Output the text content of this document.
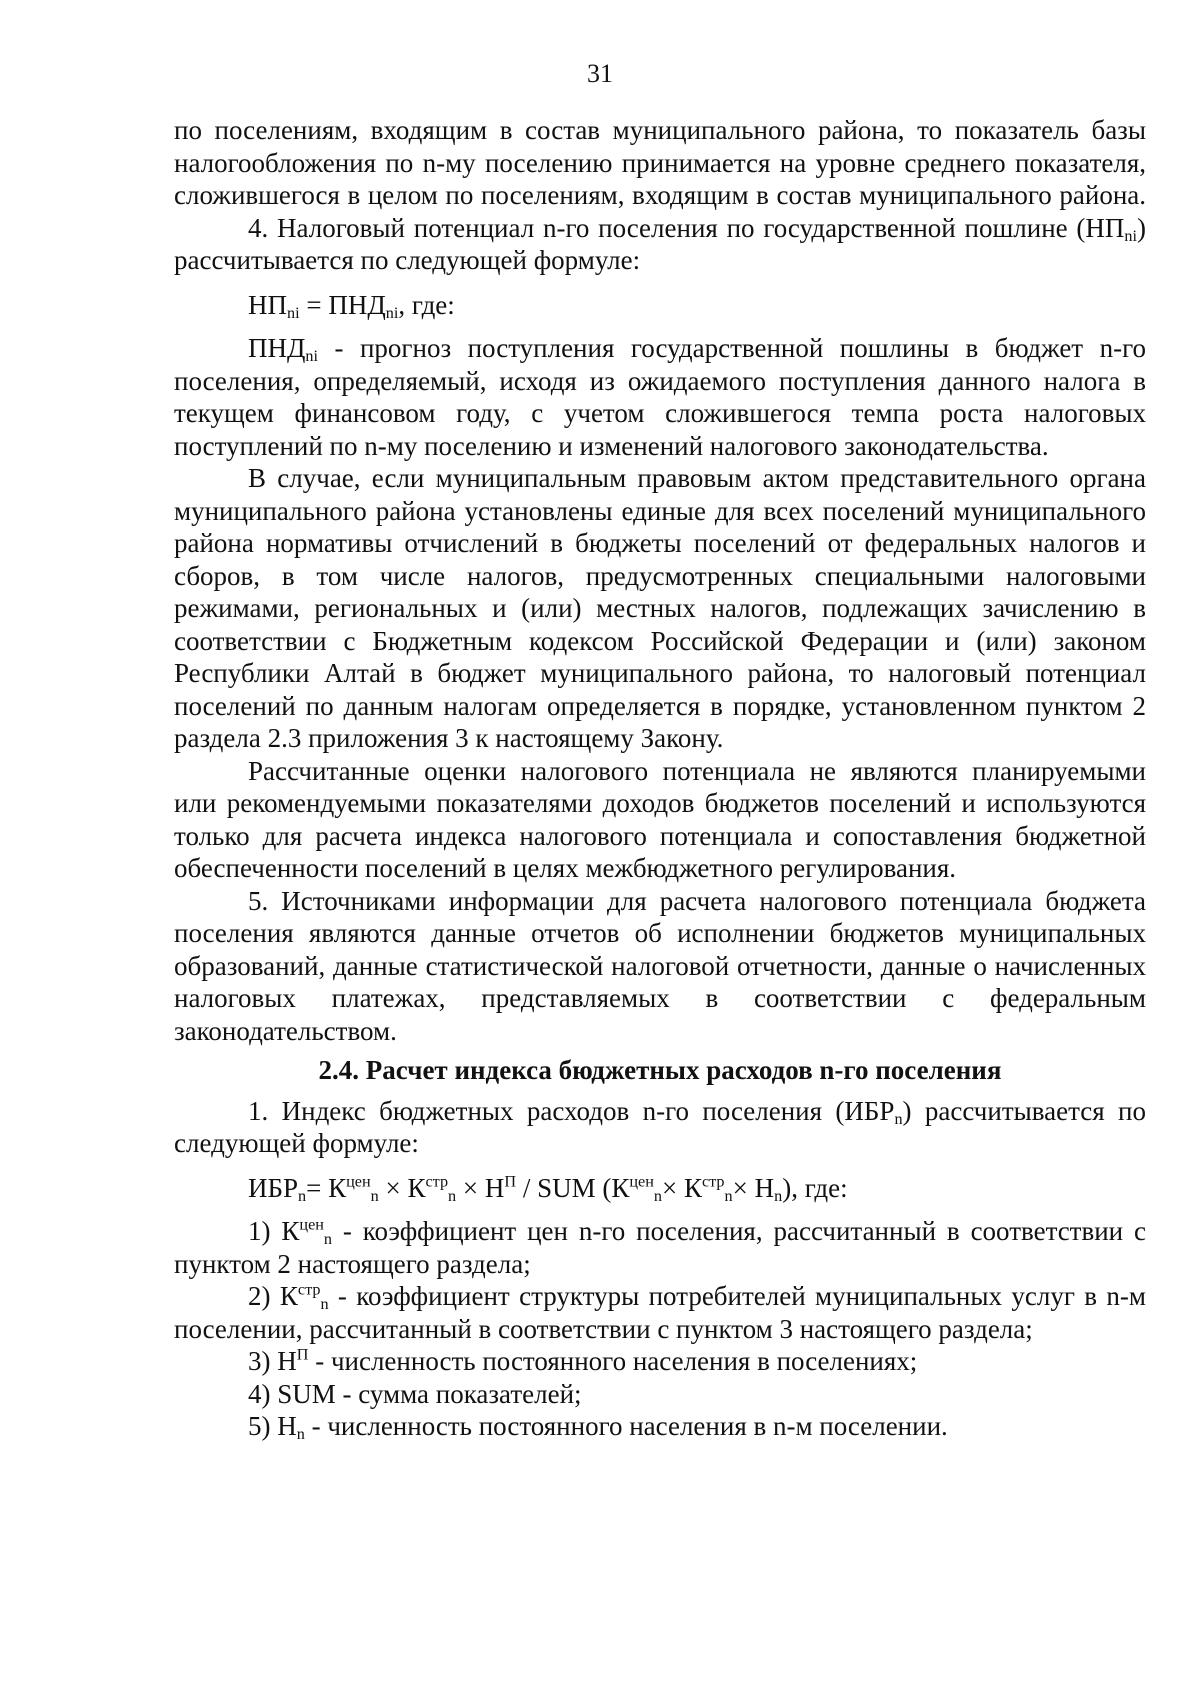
31

по поселениям, входящим в состав муниципального района, то показатель базы налогообложения по n-му поселению принимается на уровне среднего показателя, сложившегося в целом по поселениям, входящим в состав муниципального района.

4. Налоговый потенциал n-го поселения по государственной пошлине $(НП_{ni})$ рассчитывается по следующей формуле:

$НП_{ni} = ПНД_{ni}$, где:

$ПНД_{ni}$ - прогноз поступления государственной пошлины в бюджет n-го поселения, определяемый, исходя из ожидаемого поступления данного налога в текущем финансовом году, с учетом сложившегося темпа роста налоговых поступлений по n-му поселению и изменений налогового законодательства.

В случае, если муниципальным правовым актом представительного органа муниципального района установлены единые для всех поселений муниципального района нормативы отчислений в бюджеты поселений от федеральных налогов и сборов, в том числе налогов, предусмотренных специальными налоговыми режимами, региональных и (или) местных налогов, подлежащих зачислению в соответствии с Бюджетным кодексом Российской Федерации и (или) законом Республики Алтай в бюджет муниципального района, то налоговый потенциал поселений по данным налогам определяется в порядке, установленном пунктом 2 раздела 2.3 приложения 3 к настоящему Закону.

Рассчитанные оценки налогового потенциала не являются планируемыми или рекомендуемыми показателями доходов бюджетов поселений и используются только для расчета индекса налогового потенциала и сопоставления бюджетной обеспеченности поселений в целях межбюджетного регулирования.

5. Источниками информации для расчета налогового потенциала бюджета поселения являются данные отчетов об исполнении бюджетов муниципальных образований, данные статистической налоговой отчетности, данные о начисленных налоговых платежах, представляемых в соответствии с федеральным законодательством.

2.4. Расчет индекса бюджетных расходов n-го поселения

1. Индекс бюджетных расходов n-го поселения $(ИБР_n)$ рассчитывается по следующей формуле:

$ИБР_n= К^{цен}_n \times К^{стр}_n \times Н^П$ / SUM $(К^{цен}_n\times К^{стр}_n\times Н_n)$, где:

1) $К^{цен}_n$ - коэффициент цен n-го поселения, рассчитанный в соответствии с пунктом 2 настоящего раздела;

2) $К^{стр}_n$ - коэффициент структуры потребителей муниципальных услуг в n-м поселении, рассчитанный в соответствии с пунктом 3 настоящего раздела;

3) $Н^П$ - численность постоянного населения в поселениях;

4) SUM - сумма показателей;

5) $Н_n$ - численность постоянного населения в n-м поселении.
